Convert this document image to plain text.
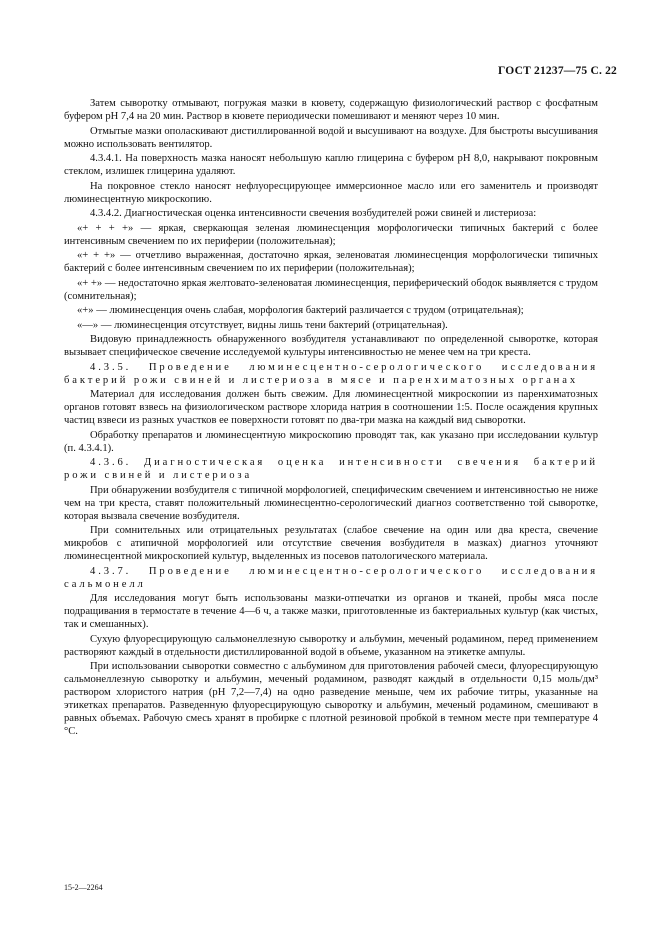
ГОСТ 21237—75 С. 22

Затем сыворотку отмывают, погружая мазки в кювету, содержащую физиологический раствор с фосфатным буфером pH 7,4 на 20 мин. Раствор в кювете периодически помешивают и меняют через 10 мин.

Отмытые мазки ополаскивают дистиллированной водой и высушивают на воздухе. Для быстроты высушивания можно использовать вентилятор.

4.3.4.1. На поверхность мазка наносят небольшую каплю глицерина с буфером pH 8,0, накрывают покровным стеклом, излишек глицерина удаляют.

На покровное стекло наносят нефлуоресцирующее иммерсионное масло или его заменитель и производят люминесцентную микроскопию.

4.3.4.2. Диагностическая оценка интенсивности свечения возбудителей рожи свиней и листериоза:

«+ + + +» — яркая, сверкающая зеленая люминесценция морфологически типичных бактерий с более интенсивным свечением по их периферии (положительная);

«+ + +» — отчетливо выраженная, достаточно яркая, зеленоватая люминесценция морфологически типичных бактерий с более интенсивным свечением по их периферии (положительная);

«+ +» — недостаточно яркая желтовато-зеленоватая люминесценция, периферический ободок выявляется с трудом (сомнительная);

«+» — люминесценция очень слабая, морфология бактерий различается с трудом (отрицательная);

«—» — люминесценция отсутствует, видны лишь тени бактерий (отрицательная).

Видовую принадлежность обнаруженного возбудителя устанавливают по определенной сыворотке, которая вызывает специфическое свечение исследуемой культуры интенсивностью не менее чем на три креста.

4.3.5. Проведение люминесцентно-серологического исследования бактерий рожи свиней и листериоза в мясе и паренхиматозных органах

Материал для исследования должен быть свежим. Для люминесцентной микроскопии из паренхиматозных органов готовят взвесь на физиологическом растворе хлорида натрия в соотношении 1:5. После осаждения крупных частиц взвеси из разных участков ее поверхности готовят по два-три мазка на каждый вид сыворотки.

Обработку препаратов и люминесцентную микроскопию проводят так, как указано при исследовании культур (п. 4.3.4.1).

4.3.6. Диагностическая оценка интенсивности свечения бактерий рожи свиней и листериоза

При обнаружении возбудителя с типичной морфологией, специфическим свечением и интенсивностью не ниже чем на три креста, ставят положительный люминесцентно-серологический диагноз соответственно той сыворотке, которая вызвала свечение возбудителя.

При сомнительных или отрицательных результатах (слабое свечение на один или два креста, свечение микробов с атипичной морфологией или отсутствие свечения возбудителя в мазках) диагноз уточняют люминесцентной микроскопией культур, выделенных из посевов патологического материала.

4.3.7. Проведение люминесцентно-серологического исследования сальмонелл

Для исследования могут быть использованы мазки-отпечатки из органов и тканей, пробы мяса после подращивания в термостате в течение 4—6 ч, а также мазки, приготовленные из бактериальных культур (как чистых, так и смешанных).

Сухую флуоресцирующую сальмонеллезную сыворотку и альбумин, меченый родамином, перед применением растворяют каждый в отдельности дистиллированной водой в объеме, указанном на этикетке ампулы.

При использовании сыворотки совместно с альбумином для приготовления рабочей смеси, флуоресцирующую сальмонеллезную сыворотку и альбумин, меченый родамином, разводят каждый в отдельности 0,15 моль/дм³ раствором хлористого натрия (pH 7,2—7,4) на одно разведение меньше, чем их рабочие титры, указанные на этикетках препаратов. Разведенную флуоресцирующую сыворотку и альбумин, меченый родамином, смешивают в равных объемах. Рабочую смесь хранят в пробирке с плотной резиновой пробкой в темном месте при температуре 4 °С.

15-2—2264
